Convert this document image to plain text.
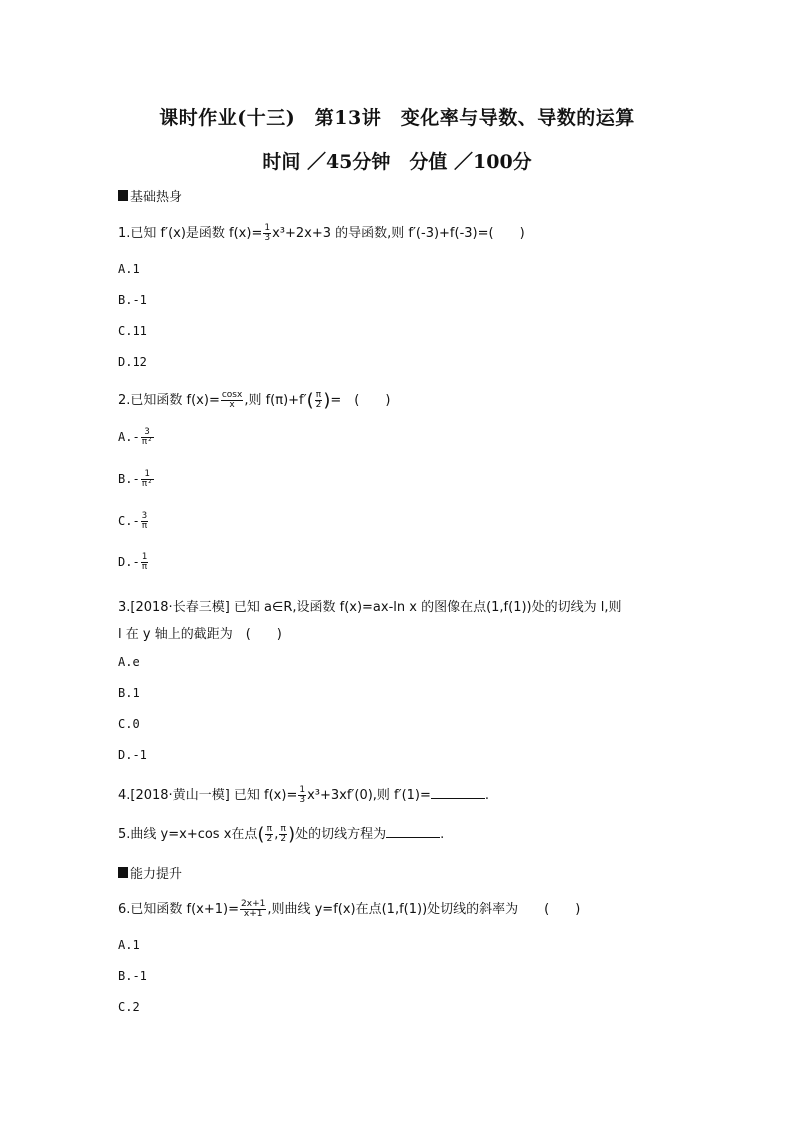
课时作业(十三)　第13讲　变化率与导数、导数的运算
时间 ／45分钟　分值 ／100分
基础热身
1.已知 f′(x)是函数 $f(x)= \frac{1}{3} x^3+2x+3$ 的导函数,则 f′(-3)+f(-3)=(　　)
A.1
B.-1
C.11
D.12
2.已知函数 $f(x)= \frac{\cos x}{x}$ ,则 $f(\pi)+f'( \frac{\pi}{2}$ )=　(　　)
$A.- \frac{3}{\text{π²}}$
$B.- \frac{1}{\text{π²}}$
$C.- \frac{3}{\pi}$
$D.- \frac{1}{\pi}$
3.[2018·长春三模] 已知 a∈R,设函数 f(x)=ax-ln x 的图像在点(1,f(1))处的切线为 l,则
l 在 y 轴上的截距为　(　　)
A.e
B.1
C.0
D.-1
4.[2018·黄山一模] 已知 $f(x)= \frac{1}{3} x^3+3xf'(0)$,则 f′(1)=	.
5.曲线 y=x+cos x在点( $\frac{\pi}{2}$ , $\frac{\pi}{2}$ )处的切线方程为	.
能力提升
6.已知函数 $f(x+1)= \frac{2x+1}{x+1}$ ,则曲线 y=f(x)在点(1,f(1))处切线的斜率为　　(　　)
A.1
B.-1
C.2
